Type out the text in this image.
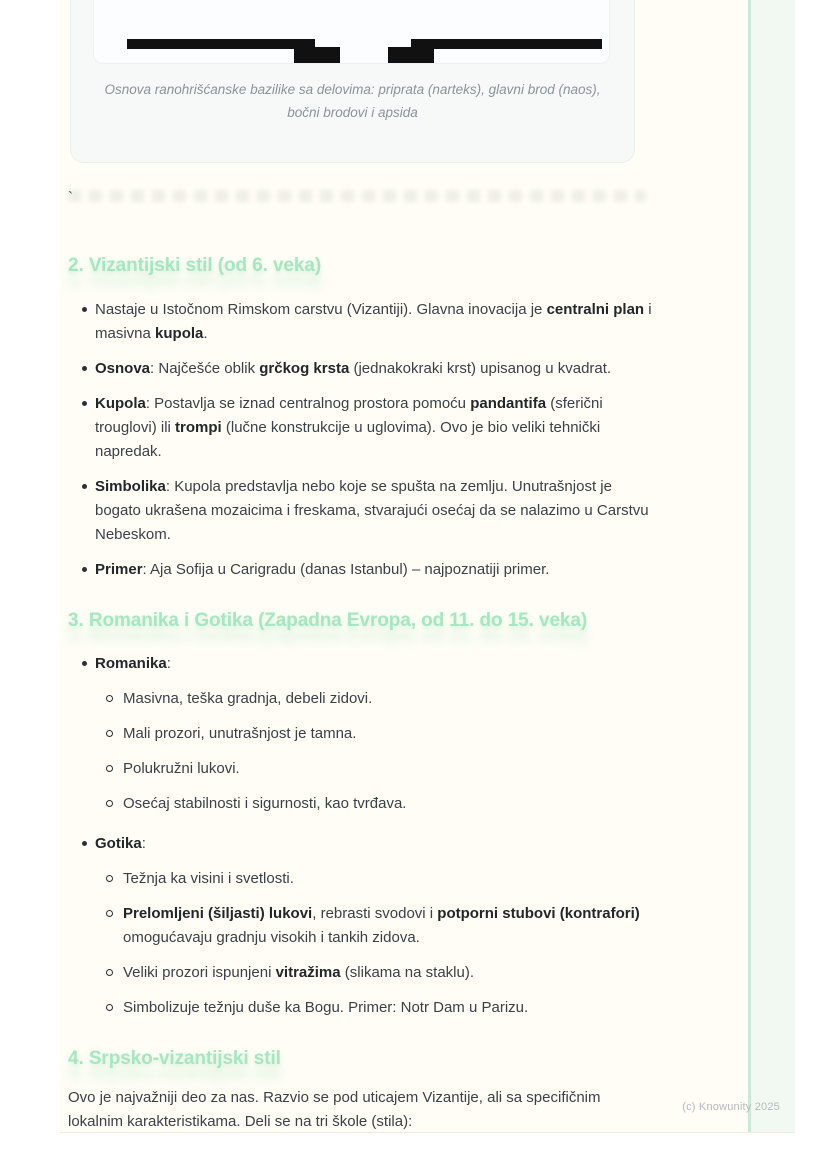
Osnova ranohrišćanske bazilike sa delovima: priprata (narteks), glavni brod (naos), bočni brodovi i apsida
`
2. Vizantijski stil (od 6. veka)
Nastaje u Istočnom Rimskom carstvu (Vizantiji). Glavna inovacija je centralni plan i masivna kupola.
Osnova: Najčešće oblik grčkog krsta (jednakokraki krst) upisanog u kvadrat.
Kupola: Postavlja se iznad centralnog prostora pomoću pandantifa (sferični trouglovi) ili trompi (lučne konstrukcije u uglovima). Ovo je bio veliki tehnički napredak.
Simbolika: Kupola predstavlja nebo koje se spušta na zemlju. Unutrašnjost je bogato ukrašena mozaicima i freskama, stvarajući osećaj da se nalazimo u Carstvu Nebeskom.
Primer: Aja Sofija u Carigradu (danas Istanbul) – najpoznatiji primer.
3. Romanika i Gotika (Zapadna Evropa, od 11. do 15. veka)
Romanika:
Masivna, teška gradnja, debeli zidovi.
Mali prozori, unutrašnjost je tamna.
Polukružni lukovi.
Osećaj stabilnosti i sigurnosti, kao tvrđava.
Gotika:
Težnja ka visini i svetlosti.
Prelomljeni (šiljasti) lukovi, rebrasti svodovi i potporni stubovi (kontrafori) omogućavaju gradnju visokih i tankih zidova.
Veliki prozori ispunjeni vitražima (slikama na staklu).
Simbolizuje težnju duše ka Bogu. Primer: Notr Dam u Parizu.
4. Srpsko-vizantijski stil

Ovo je najvažniji deo za nas. Razvio se pod uticajem Vizantije, ali sa specifičnim lokalnim karakteristikama. Deli se na tri škole (stila):

(c) Knowunity 2025
